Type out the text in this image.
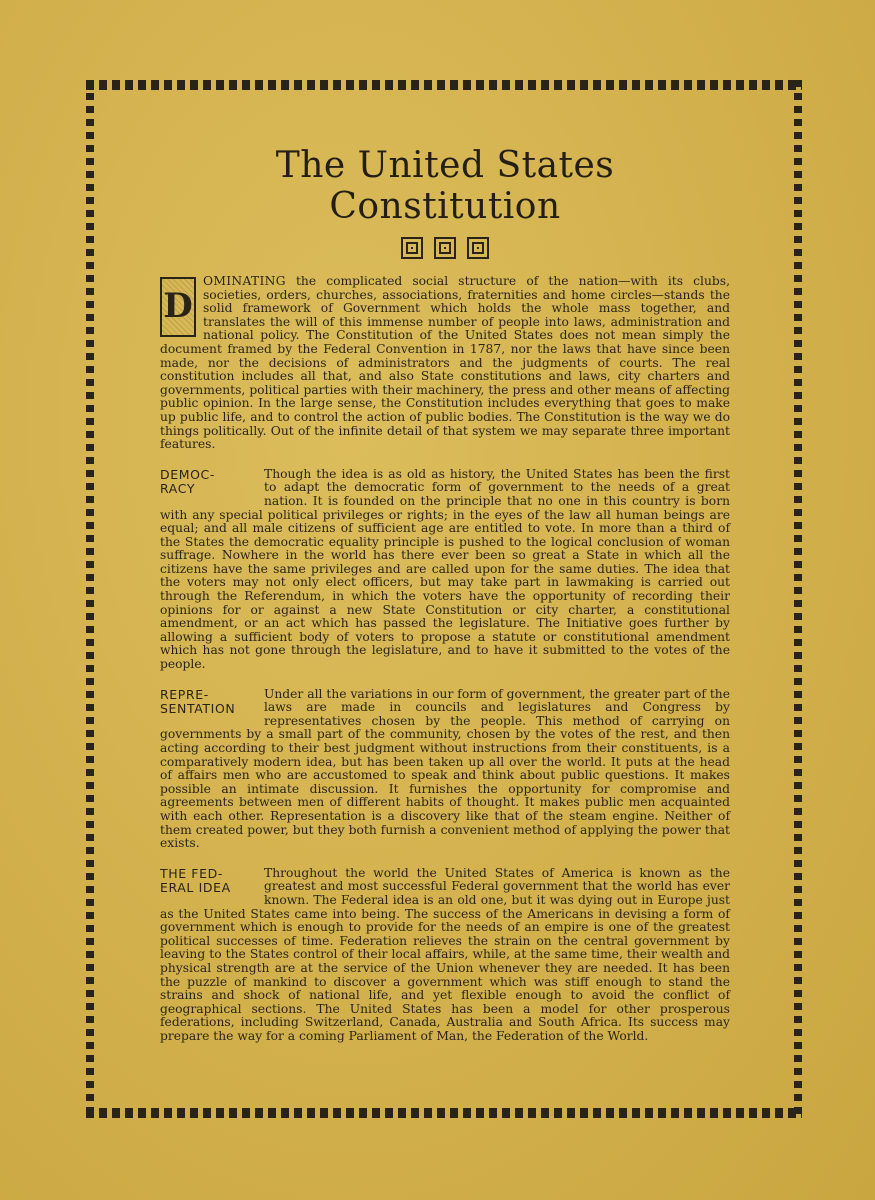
The United States Constitution

D
OMINATING the complicated social structure of the nation—with its clubs, societies, orders, churches, associations, fraternities and home circles—stands the solid framework of Government which holds the whole mass together, and translates the will of this immense number of people into laws, administration and national policy. The Constitution of the United States does not mean simply the document framed by the Federal Convention in 1787, nor the laws that have since been made, nor the decisions of administrators and the judgments of courts. The real constitution includes all that, and also State constitutions and laws, city charters and governments, political parties with their machinery, the press and other means of affecting public opinion. In the large sense, the Constitution includes everything that goes to make up public life, and to control the action of public bodies. The Constitution is the way we do things politically. Out of the infinite detail of that system we may separate three important features.
DEMOC-
RACY
Though the idea is as old as history, the United States has been the first to adapt the democratic form of government to the needs of a great nation. It is founded on the principle that no one in this country is born with any special political privileges or rights; in the eyes of the law all human beings are equal; and all male citizens of sufficient age are entitled to vote. In more than a third of the States the democratic equality principle is pushed to the logical conclusion of woman suffrage. Nowhere in the world has there ever been so great a State in which all the citizens have the same privileges and are called upon for the same duties. The idea that the voters may not only elect officers, but may take part in lawmaking is carried out through the Referendum, in which the voters have the opportunity of recording their opinions for or against a new State Constitution or city charter, a constitutional amendment, or an act which has passed the legislature. The Initiative goes further by allowing a sufficient body of voters to propose a statute or constitutional amendment which has not gone through the legislature, and to have it submitted to the votes of the people.
REPRE-
SENTATION
Under all the variations in our form of government, the greater part of the laws are made in councils and legislatures and Congress by representatives chosen by the people. This method of carrying on governments by a small part of the community, chosen by the votes of the rest, and then acting according to their best judgment without instructions from their constituents, is a comparatively modern idea, but has been taken up all over the world. It puts at the head of affairs men who are accustomed to speak and think about public questions. It makes possible an intimate discussion. It furnishes the opportunity for compromise and agreements between men of different habits of thought. It makes public men acquainted with each other. Representation is a discovery like that of the steam engine. Neither of them created power, but they both furnish a convenient method of applying the power that exists.
THE FED-
ERAL IDEA
Throughout the world the United States of America is known as the greatest and most successful Federal government that the world has ever known. The Federal idea is an old one, but it was dying out in Europe just as the United States came into being. The success of the Americans in devising a form of government which is enough to provide for the needs of an empire is one of the greatest political successes of time. Federation relieves the strain on the central government by leaving to the States control of their local affairs, while, at the same time, their wealth and physical strength are at the service of the Union whenever they are needed. It has been the puzzle of mankind to discover a government which was stiff enough to stand the strains and shock of national life, and yet flexible enough to avoid the conflict of geographical sections. The United States has been a model for other prosperous federations, including Switzerland, Canada, Australia and South Africa. Its success may prepare the way for a coming Parliament of Man, the Federation of the World.
